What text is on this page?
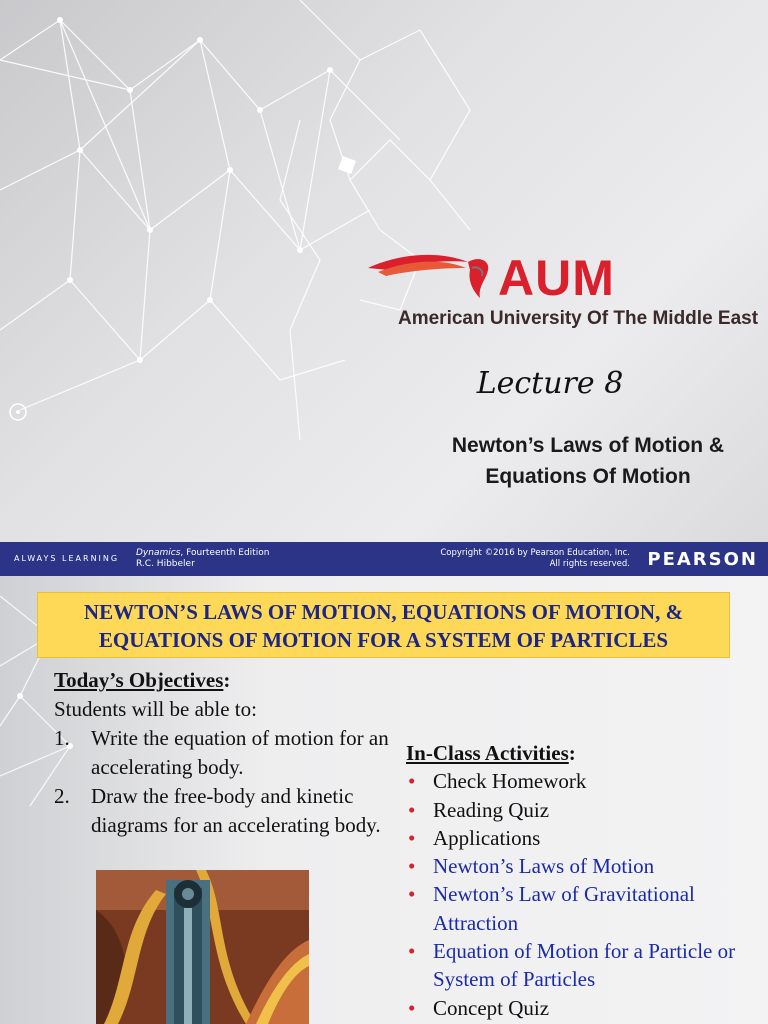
AUM
American University Of The Middle East
Lecture 8
Newton’s Laws of Motion &
Equations Of Motion
ALWAYS LEARNING
Dynamics, Fourteenth Edition
R.C. Hibbeler
Copyright ©2016 by Pearson Education, Inc.
All rights reserved. PEARSON
NEWTON’S LAWS OF MOTION, EQUATIONS OF MOTION, &
EQUATIONS OF MOTION FOR A SYSTEM OF PARTICLES
Today’s Objectives:
Students will be able to:
1. Write the equation of motion for an accelerating body.
2. Draw the free-body and kinetic diagrams for an accelerating body.
In-Class Activities:
• Check Homework
• Reading Quiz
• Applications
• Newton’s Laws of Motion
• Newton’s Law of Gravitational Attraction
• Equation of Motion for a Particle or System of Particles
• Concept Quiz
